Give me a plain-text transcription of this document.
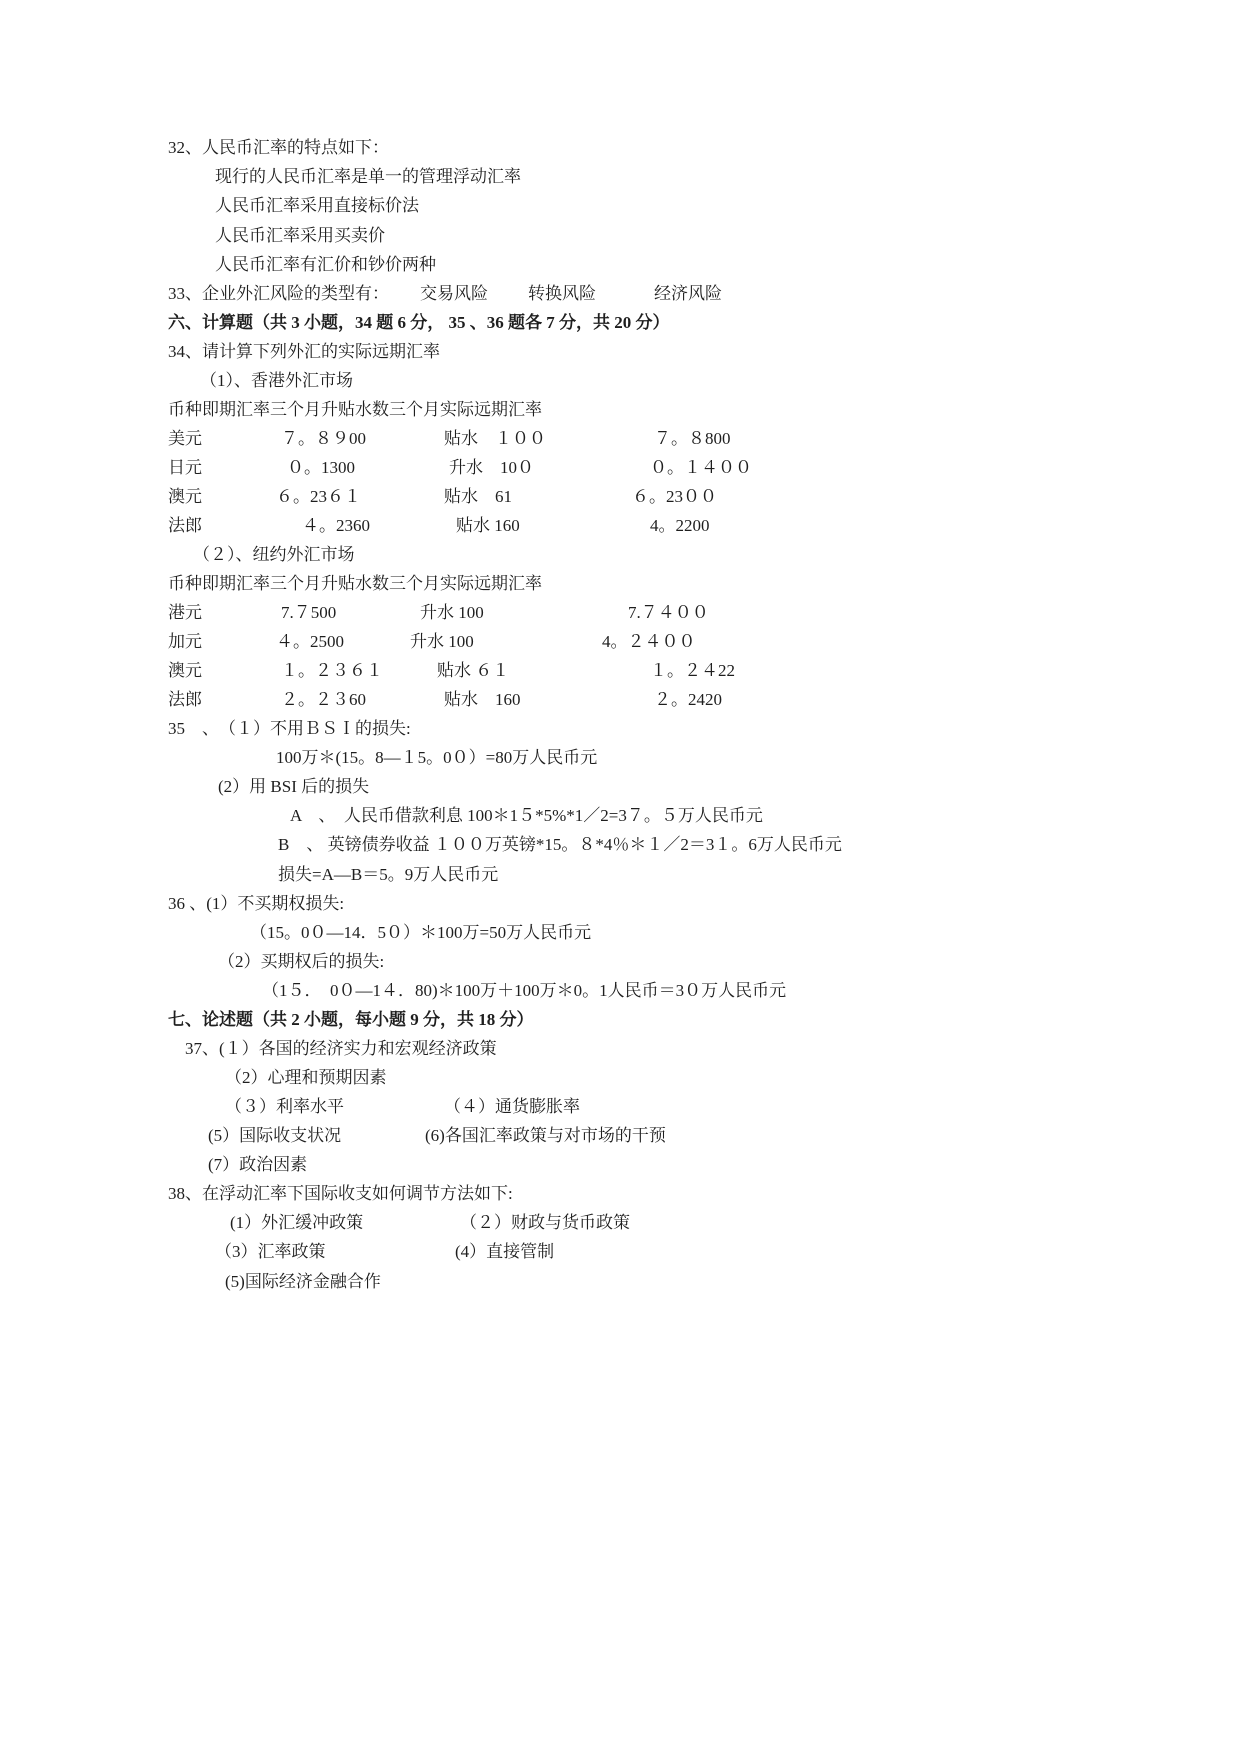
32、人民币汇率的特点如下：
现行的人民币汇率是单一的管理浮动汇率
人民币汇率采用直接标价法
人民币汇率采用买卖价
人民币汇率有汇价和钞价两种
33、企业外汇风险的类型有： 交易风险 转换风险	经济风险
六、计算题（共 3 小题，34 题 6 分， 35 、36 题各 7 分，共 20 分）
34、请计算下列外汇的实际远期汇率
（1）、香港外汇市场
币种即期汇率三个月升贴水数三个月实际远期汇率
美元	７。８９00	贴水　１００	７。８800
日元	０。1300	升水　10０	０。１４００
澳元	６。23６１	贴水　61	６。23００
法郎	４。2360	贴水 160	4。2200
（２）、纽约外汇市场
币种即期汇率三个月升贴水数三个月实际远期汇率
港元	7.７500	升水 100	7.７４００
加元	４。2500	升水 100	4。２４００
澳元	１。２３６１	贴水 ６１	１。２４22
法郎	２。２３60	贴水　160	２。2420
35　、　（１）不用ＢＳＩ的损失:
100万＊(15。8—１5。0０）=80万人民币元
(2）用 BSI 后的损失
A　、　人民币借款利息 100＊1５*5%*1／2=3７。５万人民币元
B　、 英镑债券收益 １００万英镑*15。８*4％＊１／2＝3１。6万人民币元
损失=A—B＝5。9万人民币元
36 、(1）不买期权损失:
（15。0０—14．5０）＊100万=50万人民币元
（2）买期权后的损失:
（1５．　0０—1４．80)＊100万＋100万＊0。1人民币＝3０万人民币元
七、论述题（共 2 小题，每小题 9 分，共 18 分）
37、(１）各国的经济实力和宏观经济政策
（2）心理和预期因素
（３）利率水平	（４）通货膨胀率
(5）国际收支状况	(6)各国汇率政策与对市场的干预
(7）政治因素
38、在浮动汇率下国际收支如何调节方法如下:
(1）外汇缓冲政策	（２）财政与货币政策
（3）汇率政策	(4）直接管制
(5)国际经济金融合作
